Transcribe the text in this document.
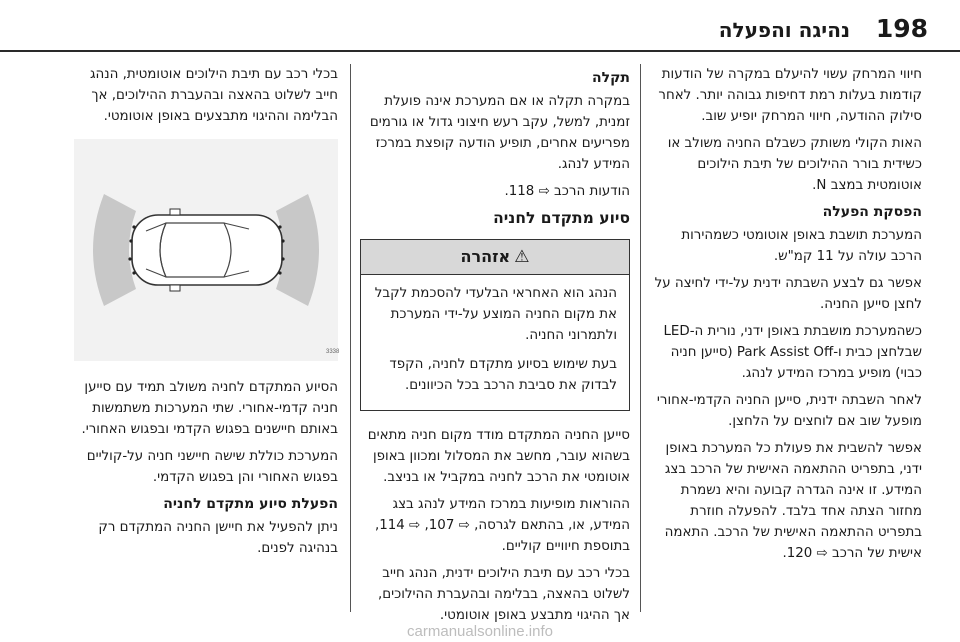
198
נהיגה והפעלה

חיווי המרחק עשוי להיעלם במקרה של הודעות קודמות בעלות רמת דחיפות גבוהה יותר. לאחר סילוק ההודעה, חיווי המרחק יופיע שוב.

האות הקולי משותק כשבלם החניה משולב או כשידית בורר ההילוכים של תיבת הילוכים אוטומטית במצב N.

הפסקת הפעלה

המערכת תושבת באופן אוטומטי כשמהירות הרכב עולה על 11 קמ"ש.

אפשר גם לבצע השבתה ידנית על-ידי לחיצה על לחצן סייען החניה.

כשהמערכת מושבתת באופן ידני, נורית ה-LED שבלחצן כבית ו-Park Assist Off (סייען חניה כבוי) מופיע במרכז המידע לנהג.

לאחר השבתה ידנית, סייען החניה הקדמי-אחורי מופעל שוב אם לוחצים על הלחצן.

אפשר להשבית את פעולת כל המערכת באופן ידני, בתפריט ההתאמה האישית של הרכב בצג המידע. זו אינה הגדרה קבועה והיא נשמרת מחזור הצתה אחד בלבד. להפעלה חוזרת בתפריט ההתאמה האישית של הרכב. התאמה אישית של הרכב ⇨ 120.

תקלה

במקרה תקלה או אם המערכת אינה פועלת זמנית, למשל, עקב רעש חיצוני גדול או גורמים מפריעים אחרים, תופיע הודעה קופצת במרכז המידע לנהג.

הודעות הרכב ⇨ 118.

סיוע מתקדם לחניה
⚠אזהרה

הנהג הוא האחראי הבלעדי להסכמת לקבל את מקום החניה המוצע על-ידי המערכת ולתמרוני החניה.

בעת שימוש בסיוע מתקדם לחניה, הקפד לבדוק את סביבת הרכב בכל הכיוונים.

סייען החניה המתקדם מודד מקום חניה מתאים בשהוא עובר, מחשב את המסלול ומכוון באופן אוטומטי את הרכב לחניה במקביל או בניצב.

ההוראות מופיעות במרכז המידע לנהג בצג המידע, או, בהתאם לגרסה, ⇨ 107, ⇨ 114, בתוספת חיוויים קוליים.

בכלי רכב עם תיבת הילוכים ידנית, הנהג חייב לשלוט בהאצה, בבלימה ובהעברת ההילוכים, אך ההיגוי מתבצע באופן אוטומטי.

בכלי רכב עם תיבת הילוכים אוטומטית, הנהג חייב לשלוט בהאצה ובהעברת ההילוכים, אך הבלימה וההיגוי מתבצעים באופן אוטומטי.

3338

הסיוע המתקדם לחניה משולב תמיד עם סייען חניה קדמי-אחורי. שתי המערכות משתמשות באותם חיישנים בפגוש הקדמי ובפגוש האחורי.

המערכת כוללת שישה חיישני חניה על-קוליים בפגוש האחורי והן בפגוש הקדמי.

הפעלת סיוע מתקדם לחניה

ניתן להפעיל את חיישן החניה המתקדם רק בנהיגה לפנים.

carmanualsonline.info
